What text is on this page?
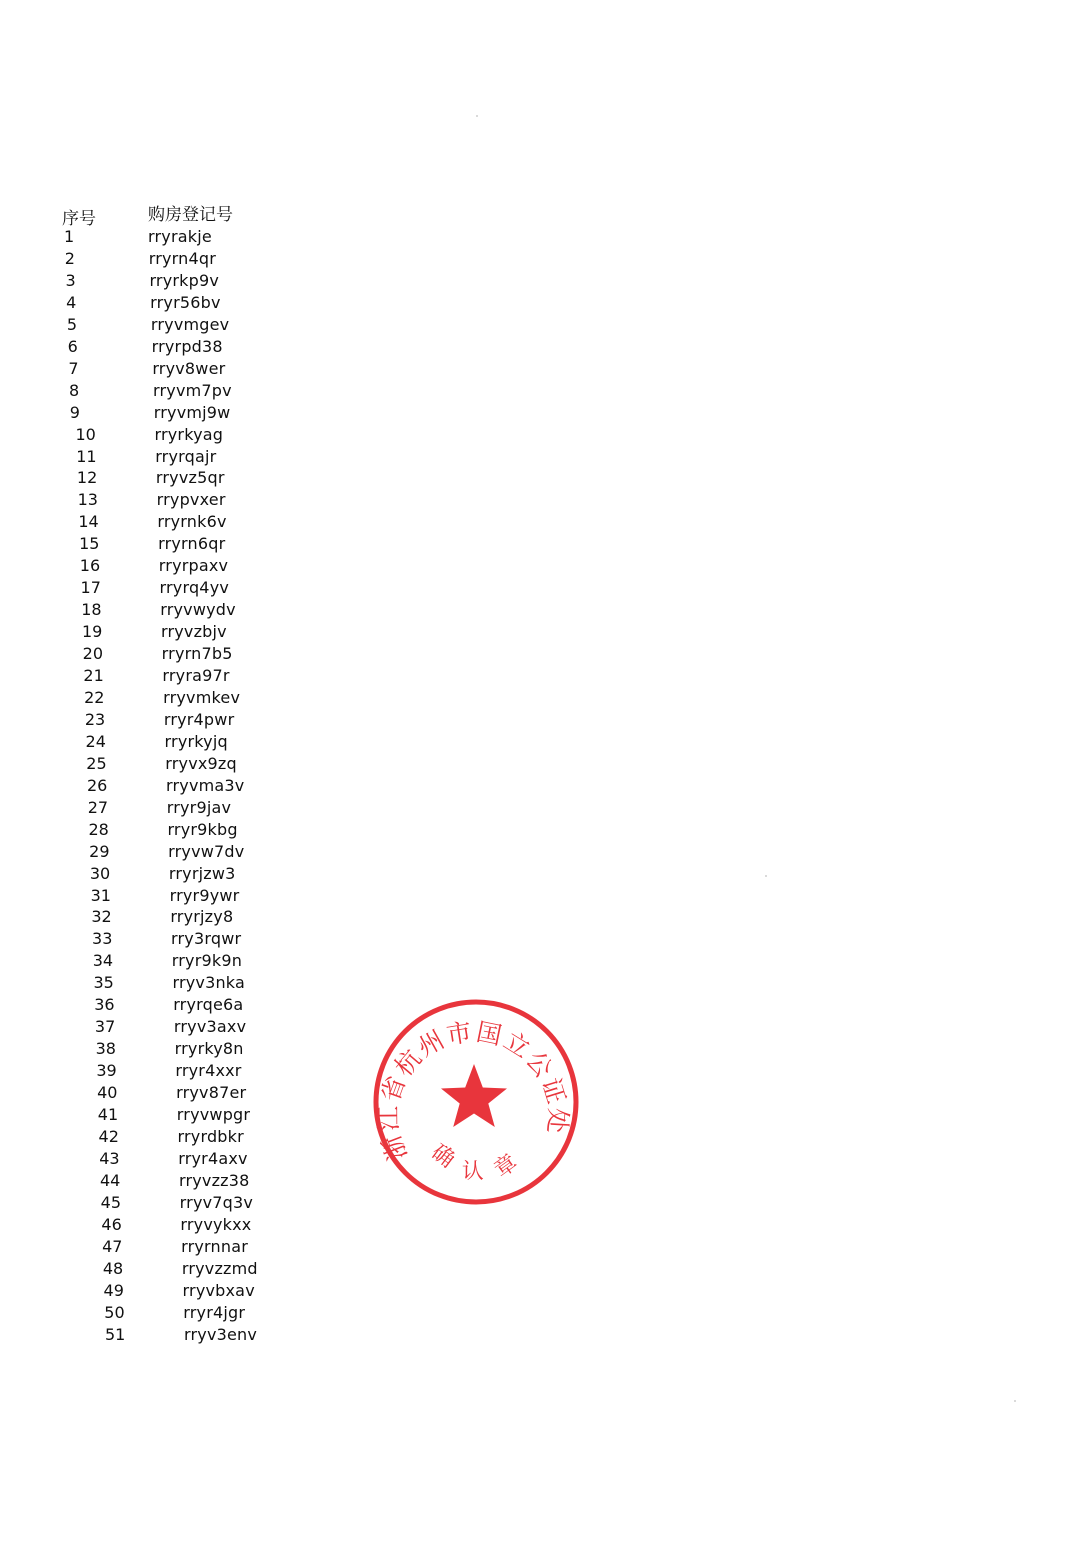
序号	购房登记号
1	rryrakje
2	rryrn4qr
3	rryrkp9v
4	rryr56bv
5	rryvmgev
6	rryrpd38
7	rryv8wer
8	rryvm7pv
9	rryvmj9w
10	rryrkyag
11	rryrqajr
12	rryvz5qr
13	rrypvxer
14	rryrnk6v
15	rryrn6qr
16	rryrpaxv
17	rryrq4yv
18	rryvwydv
19	rryvzbjv
20	rryrn7b5
21	rryra97r
22	rryvmkev
23	rryr4pwr
24	rryrkyjq
25	rryvx9zq
26	rryvma3v
27	rryr9jav
28	rryr9kbg
29	rryvw7dv
30	rryrjzw3
31	rryr9ywr
32	rryrjzy8
33	rry3rqwr
34	rryr9k9n
35	rryv3nka
36	rryrqe6a
37	rryv3axv
38	rryrky8n
39	rryr4xxr
40	rryv87er
41	rryvwpgr
42	rryrdbkr
43	rryr4axv
44	rryvzz38
45	rryv7q3v
46	rryvykxx
47	rryrnnar
48	rryvzzmd
49	rryvbxav
50	rryr4jgr
51	rryv3env
浙江省杭州市国立公证处
确认章
